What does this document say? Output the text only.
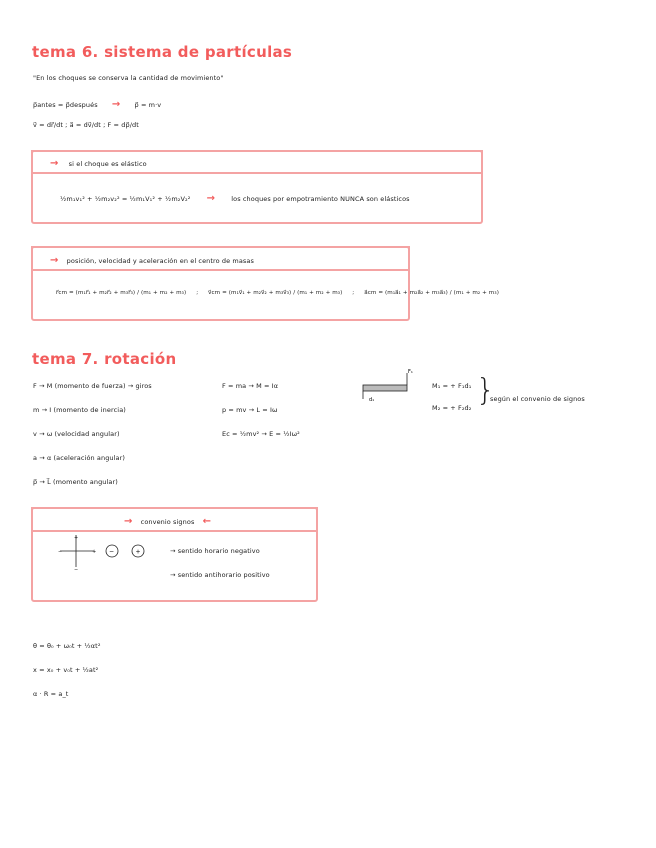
tema 6. sistema de partículas
"En los choques se conserva la cantidad de movimiento"
p⃗antes = p⃗después → p⃗ = m·v
v⃗ = dr⃗/dt ; a⃗ = dv⃗/dt ; F = dp⃗/dt
→ si el choque es elástico
½m₁v₁² + ½m₂v₂² = ½m₁V₁² + ½m₂V₂² → los choques por empotramiento NUNCA son elásticos
→ posición, velocidad y aceleración en el centro de masas
r⃗cm = (m₁r⃗₁ + m₂r⃗₂ + m₃r⃗₃) / (m₁ + m₂ + m₃) ; v⃗cm = (m₁v⃗₁ + m₂v⃗₂ + m₃v⃗₃) / (m₁ + m₂ + m₃) ; a⃗cm = (m₁a⃗₁ + m₂a⃗₂ + m₃a⃗₃) / (m₁ + m₂ + m₃)
tema 7. rotación
F → M (momento de fuerza) → giros
m → I (momento de inercia)
v → ω (velocidad angular)
a → α (aceleración angular)
p⃗ → L⃗ (momento angular)
F = ma → M = Iα
p = mv → L = Iω
Ec = ½mv² → E = ½Iω²
F₁
d₁
M₁ = + F₁d₁
M₂ = + F₂d₂ }
según el convenio de signos
→ convenio signos ←
+
−	+
−
−	+	→ sentido horario negativo
→ sentido antihorario positivo
θ = θ₀ + ω₀t + ½αt²
x = x₀ + v₀t + ½at²
α · R = a_t
